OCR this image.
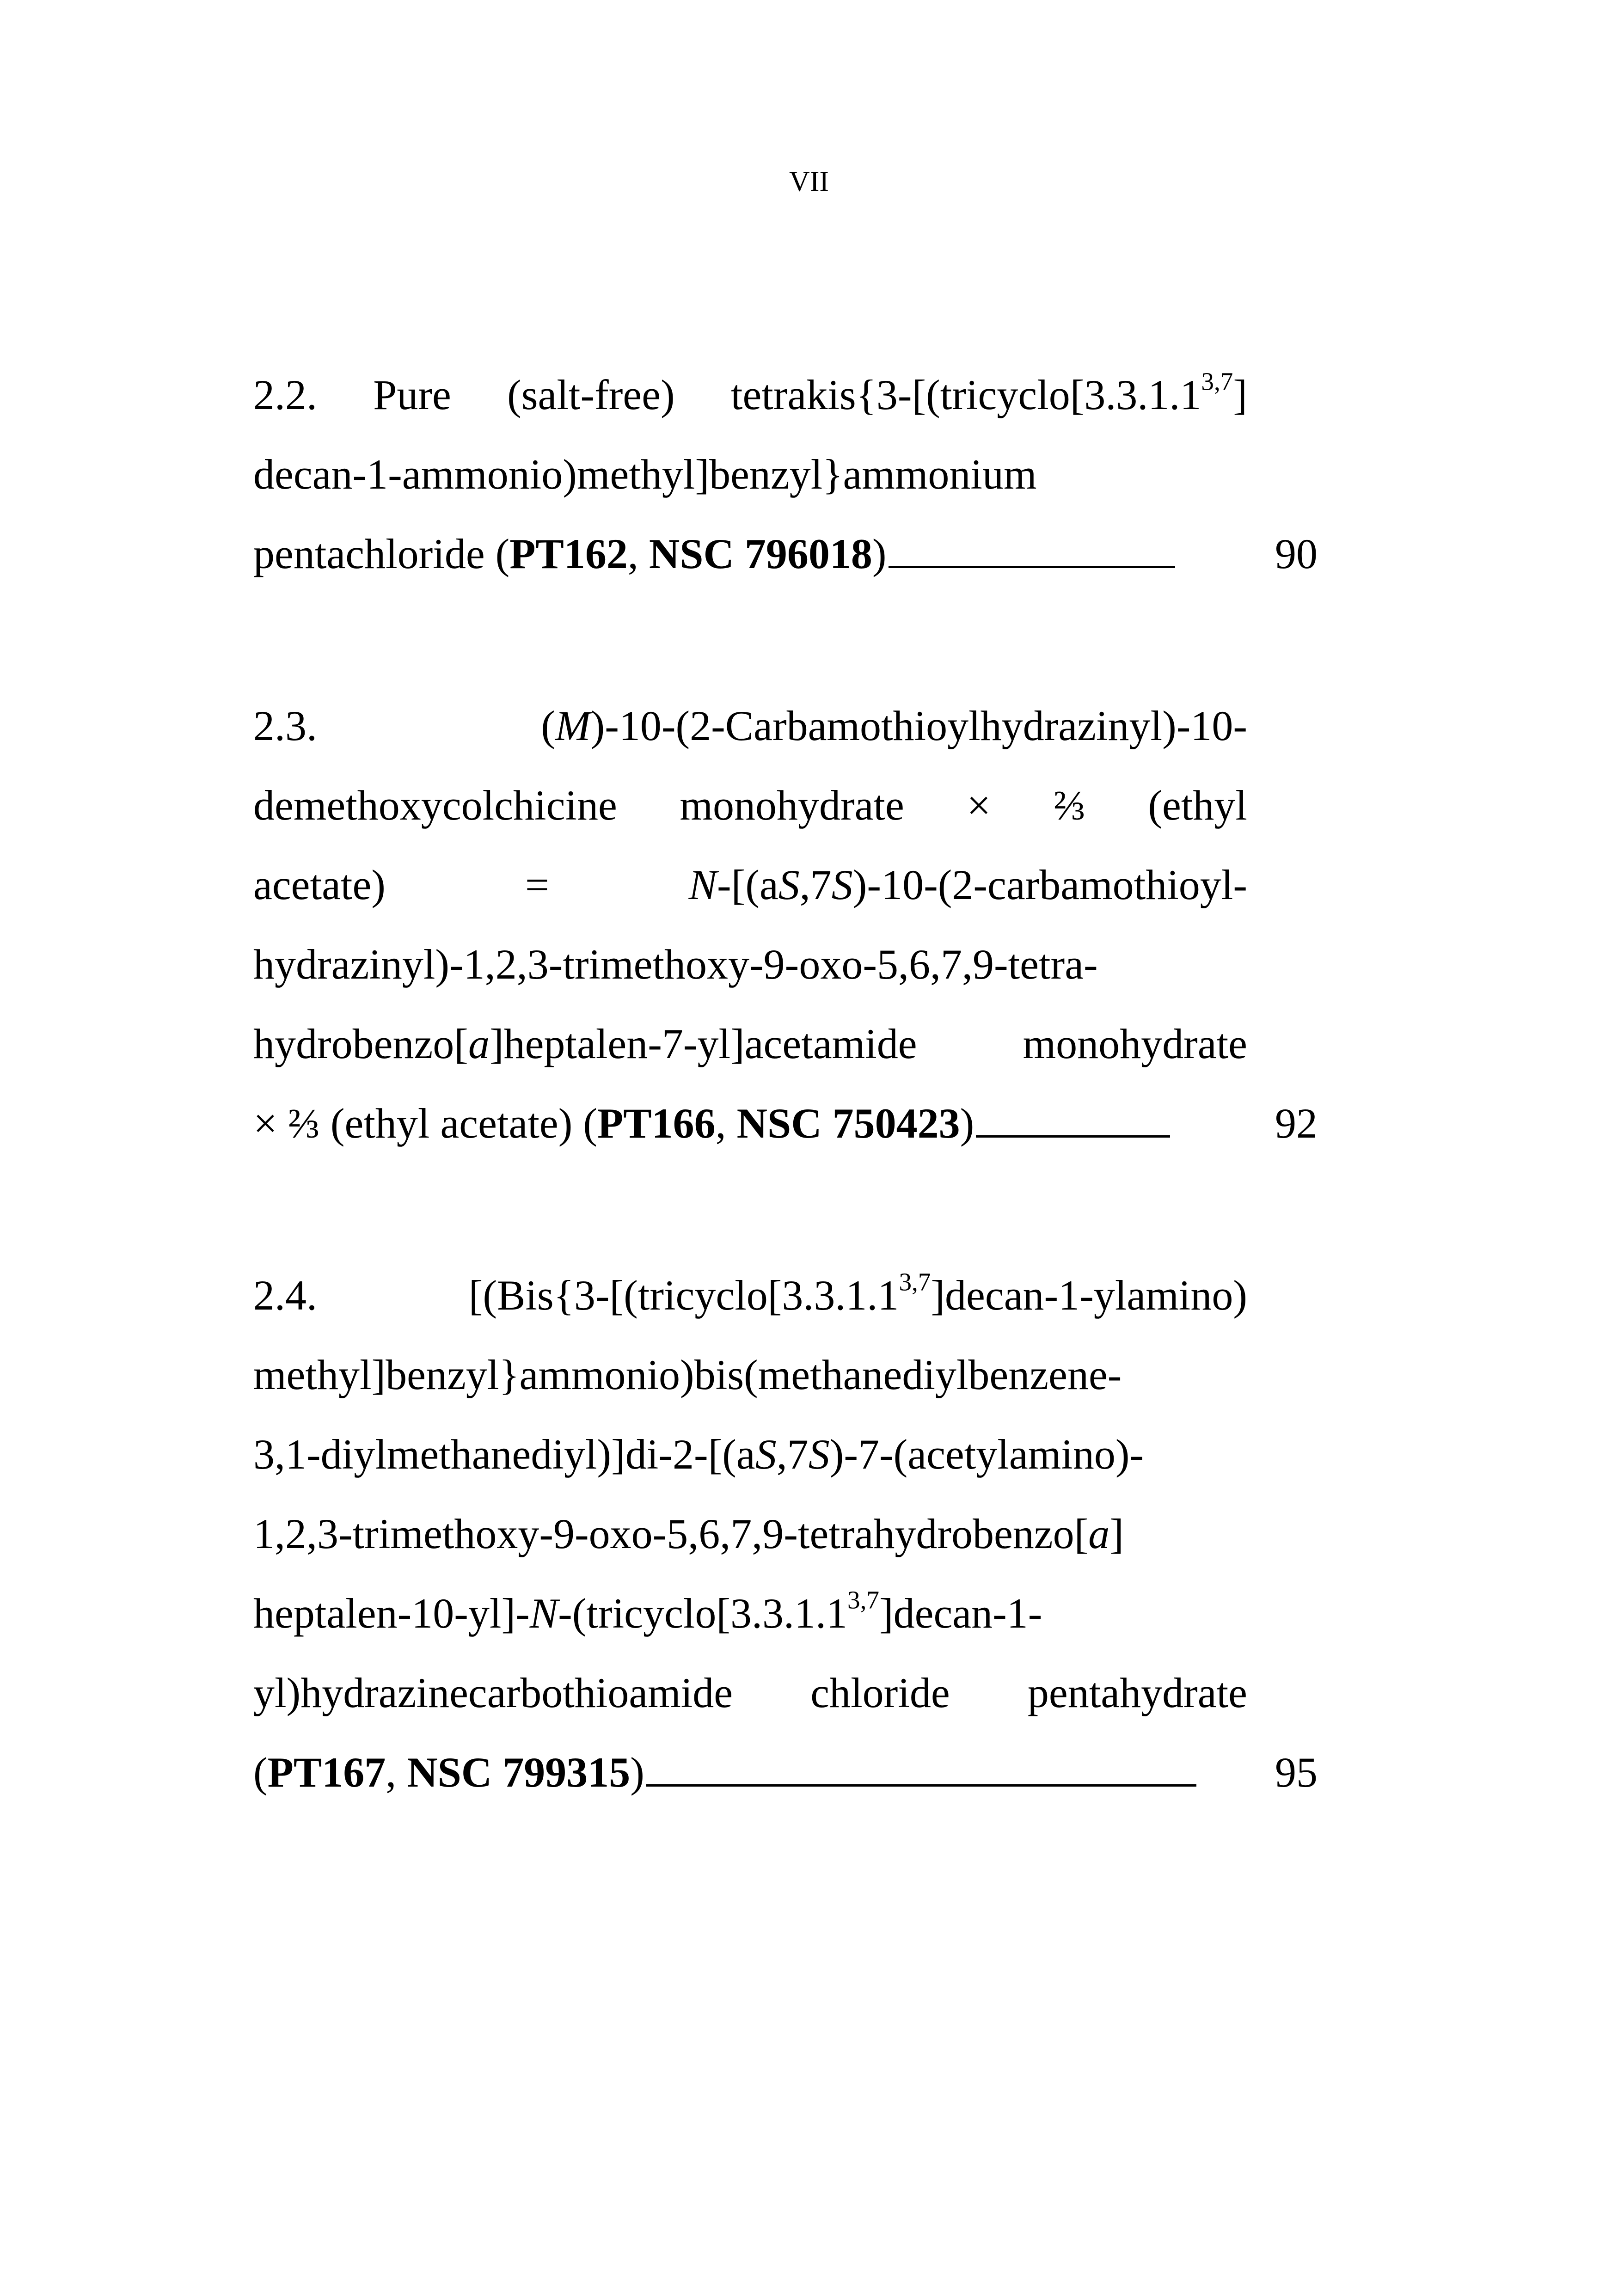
VII
2.2. Pure (salt-free) tetrakis{3-[(tricyclo[3.3.1.1$^{3,7}$]
decan-1-ammonio)methyl]benzyl}ammonium
pentachloride (PT162, NSC 796018)	90
2.3.	(M)-10-(2-Carbamothioylhydrazinyl)-10-
demethoxycolchicine monohydrate × ⅔ (ethyl
acetate) = N-[(aS,7S)-10-(2-carbamothioyl-
hydrazinyl)-1,2,3-trimethoxy-9-oxo-5,6,7,9-tetra-
hydrobenzo[a]heptalen-7-yl]acetamide monohydrate
× ⅔ (ethyl acetate) (PT166, NSC 750423)	92
2.4.	[(Bis{3-[(tricyclo[3.3.1.1$^{3,7}$]decan-1-ylamino)
methyl]benzyl}ammonio)bis(methanediylbenzene-
3,1-diylmethanediyl)]di-2-[(aS,7S)-7-(acetylamino)-
1,2,3-trimethoxy-9-oxo-5,6,7,9-tetrahydrobenzo[a]
heptalen-10-yl]-N-(tricyclo[3.3.1.1$^{3,7}$]decan-1-
yl)hydrazinecarbothioamide chloride pentahydrate
(PT167, NSC 799315)	95
